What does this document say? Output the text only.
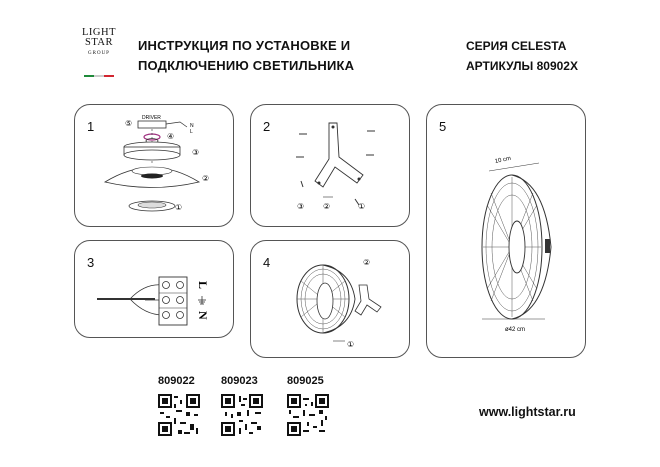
LIGHT
STAR
GROUP
ИНСТРУКЦИЯ ПО УСТАНОВКЕ И
ПОДКЛЮЧЕНИЮ СВЕТИЛЬНИКА
СЕРИЯ CELESTA
АРТИКУЛЫ 80902X
1
DRIVER
⑤	N
L
④
③
②
①
2
③ ②	①
3
L
N
4	②
①
5
10 cm
ø42 cm
809022 809023	809025
www.lightstar.ru
